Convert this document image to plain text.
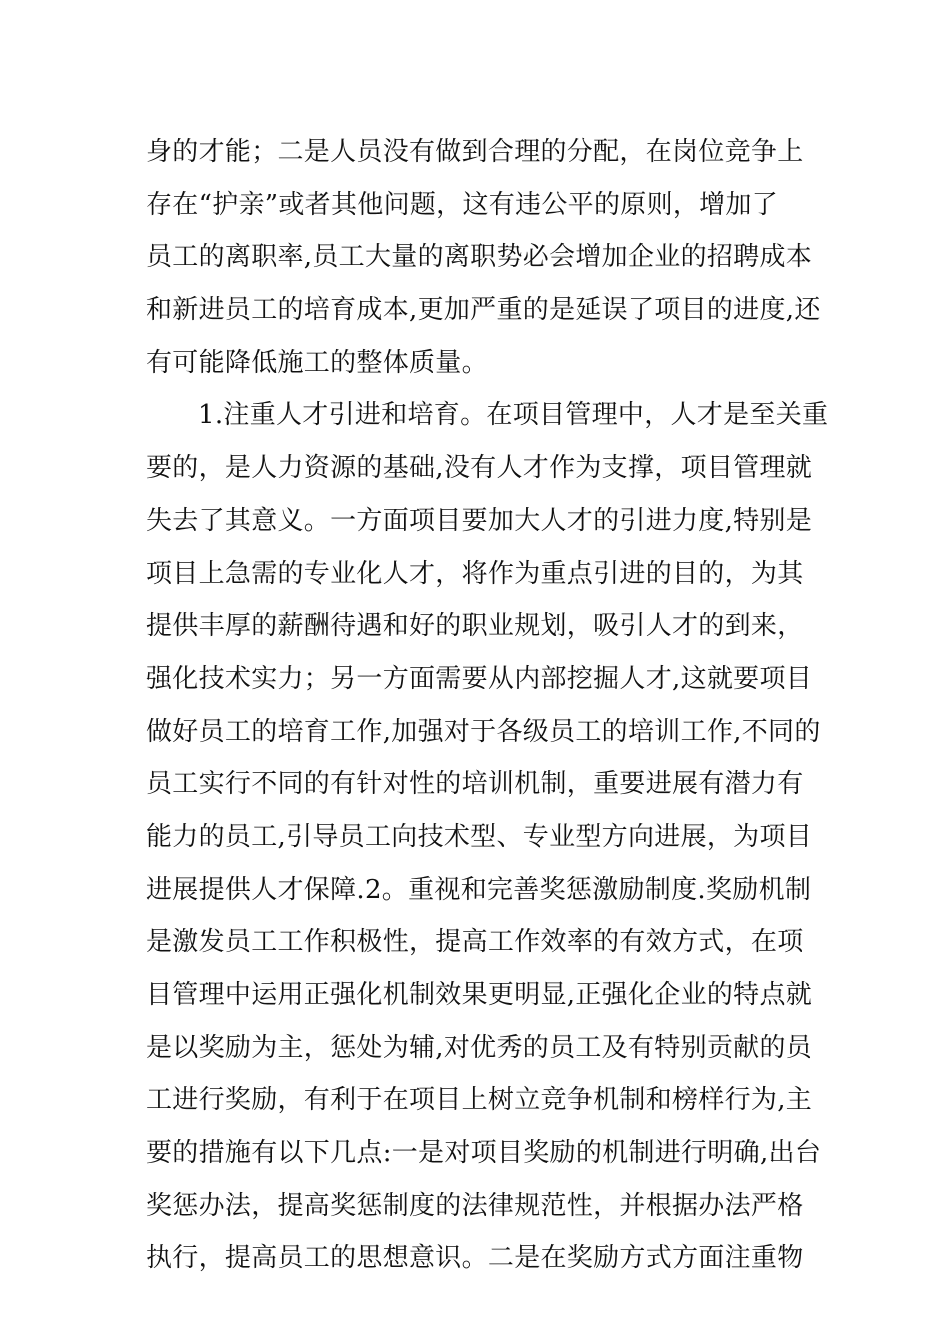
身的才能；二是人员没有做到合理的分配，在岗位竞争上
存在“护亲”或者其他问题，这有违公平的原则，增加了
员工的离职率,员工大量的离职势必会增加企业的招聘成本
和新进员工的培育成本,更加严重的是延误了项目的进度,还
有可能降低施工的整体质量。
1.注重人才引进和培育。在项目管理中，人才是至关重
要的，是人力资源的基础,没有人才作为支撑，项目管理就
失去了其意义。一方面项目要加大人才的引进力度,特别是
项目上急需的专业化人才，将作为重点引进的目的，为其
提供丰厚的薪酬待遇和好的职业规划，吸引人才的到来，
强化技术实力；另一方面需要从内部挖掘人才,这就要项目
做好员工的培育工作,加强对于各级员工的培训工作,不同的
员工实行不同的有针对性的培训机制，重要进展有潜力有
能力的员工,引导员工向技术型、专业型方向进展，为项目
进展提供人才保障.2。重视和完善奖惩激励制度.奖励机制
是激发员工工作积极性，提高工作效率的有效方式，在项
目管理中运用正强化机制效果更明显,正强化企业的特点就
是以奖励为主，惩处为辅,对优秀的员工及有特别贡献的员
工进行奖励，有利于在项目上树立竞争机制和榜样行为,主
要的措施有以下几点:一是对项目奖励的机制进行明确,出台
奖惩办法，提高奖惩制度的法律规范性，并根据办法严格
执行，提高员工的思想意识。二是在奖励方式方面注重物
